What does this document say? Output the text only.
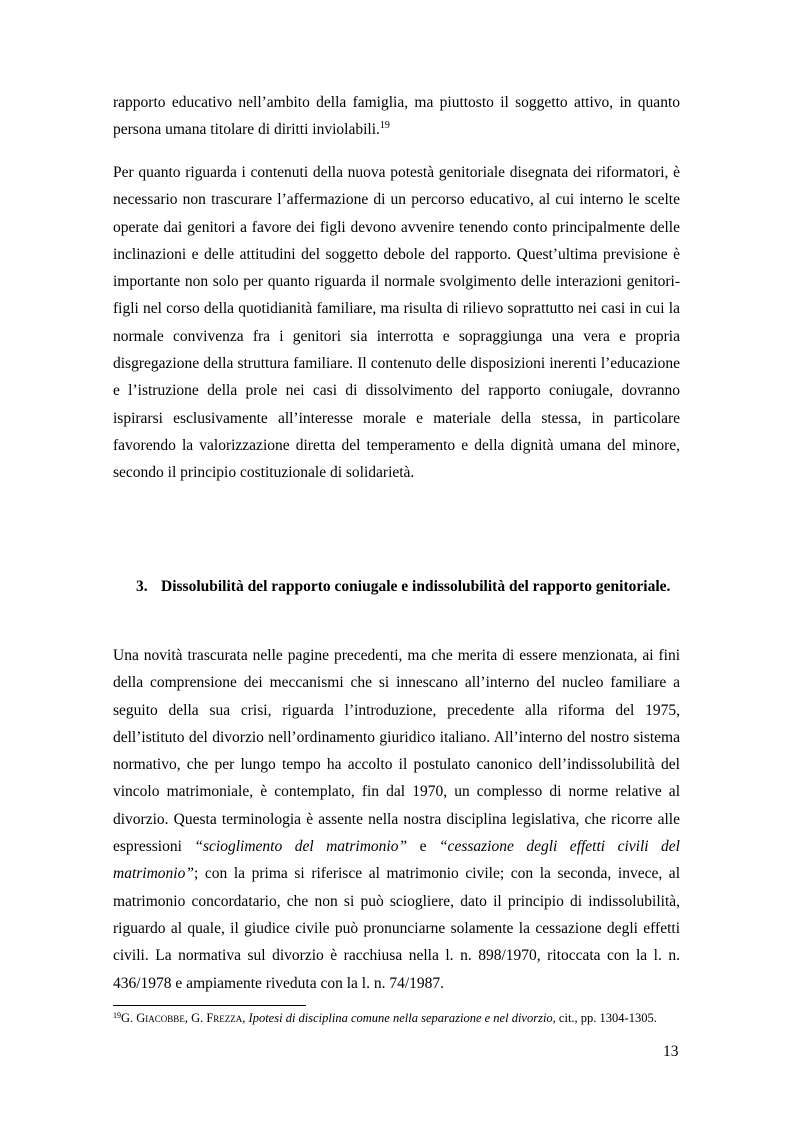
rapporto educativo nell’ambito della famiglia, ma piuttosto il soggetto attivo, in quanto persona umana titolare di diritti inviolabili.$^{19}$

Per quanto riguarda i contenuti della nuova potestà genitoriale disegnata dei riformatori, è necessario non trascurare l’affermazione di un percorso educativo, al cui interno le scelte operate dai genitori a favore dei figli devono avvenire tenendo conto principalmente delle inclinazioni e delle attitudini del soggetto debole del rapporto. Quest’ultima previsione è importante non solo per quanto riguarda il normale svolgimento delle interazioni genitori- figli nel corso della quotidianità familiare, ma risulta di rilievo soprattutto nei casi in cui la normale convivenza fra i genitori sia interrotta e sopraggiunga una vera e propria disgregazione della struttura familiare. Il contenuto delle disposizioni inerenti l’educazione e l’istruzione della prole nei casi di dissolvimento del rapporto coniugale, dovranno ispirarsi esclusivamente all’interesse morale e materiale della stessa, in particolare favorendo la valorizzazione diretta del temperamento e della dignità umana del minore, secondo il principio costituzionale di solidarietà.

3. Dissolubilità del rapporto coniugale e indissolubilità del rapporto genitoriale.

Una novità trascurata nelle pagine precedenti, ma che merita di essere menzionata, ai fini della comprensione dei meccanismi che si innescano all’interno del nucleo familiare a seguito della sua crisi, riguarda l’introduzione, precedente alla riforma del 1975, dell’istituto del divorzio nell’ordinamento giuridico italiano. All’interno del nostro sistema normativo, che per lungo tempo ha accolto il postulato canonico dell’indissolubilità del vincolo matrimoniale, è contemplato, fin dal 1970, un complesso di norme relative al divorzio. Questa terminologia è assente nella nostra disciplina legislativa, che ricorre alle espressioni “scioglimento del matrimonio” e “cessazione degli effetti civili del matrimonio”; con la prima si riferisce al matrimonio civile; con la seconda, invece, al matrimonio concordatario, che non si può sciogliere, dato il principio di indissolubilità, riguardo al quale, il giudice civile può pronunciarne solamente la cessazione degli effetti civili. La normativa sul divorzio è racchiusa nella l. n. 898/1970, ritoccata con la l. n. 436/1978 e ampiamente riveduta con la l. n. 74/1987.

$^{19}$G. Giacobbe, G. Frezza, Ipotesi di disciplina comune nella separazione e nel divorzio, cit., pp. 1304-1305.
13
